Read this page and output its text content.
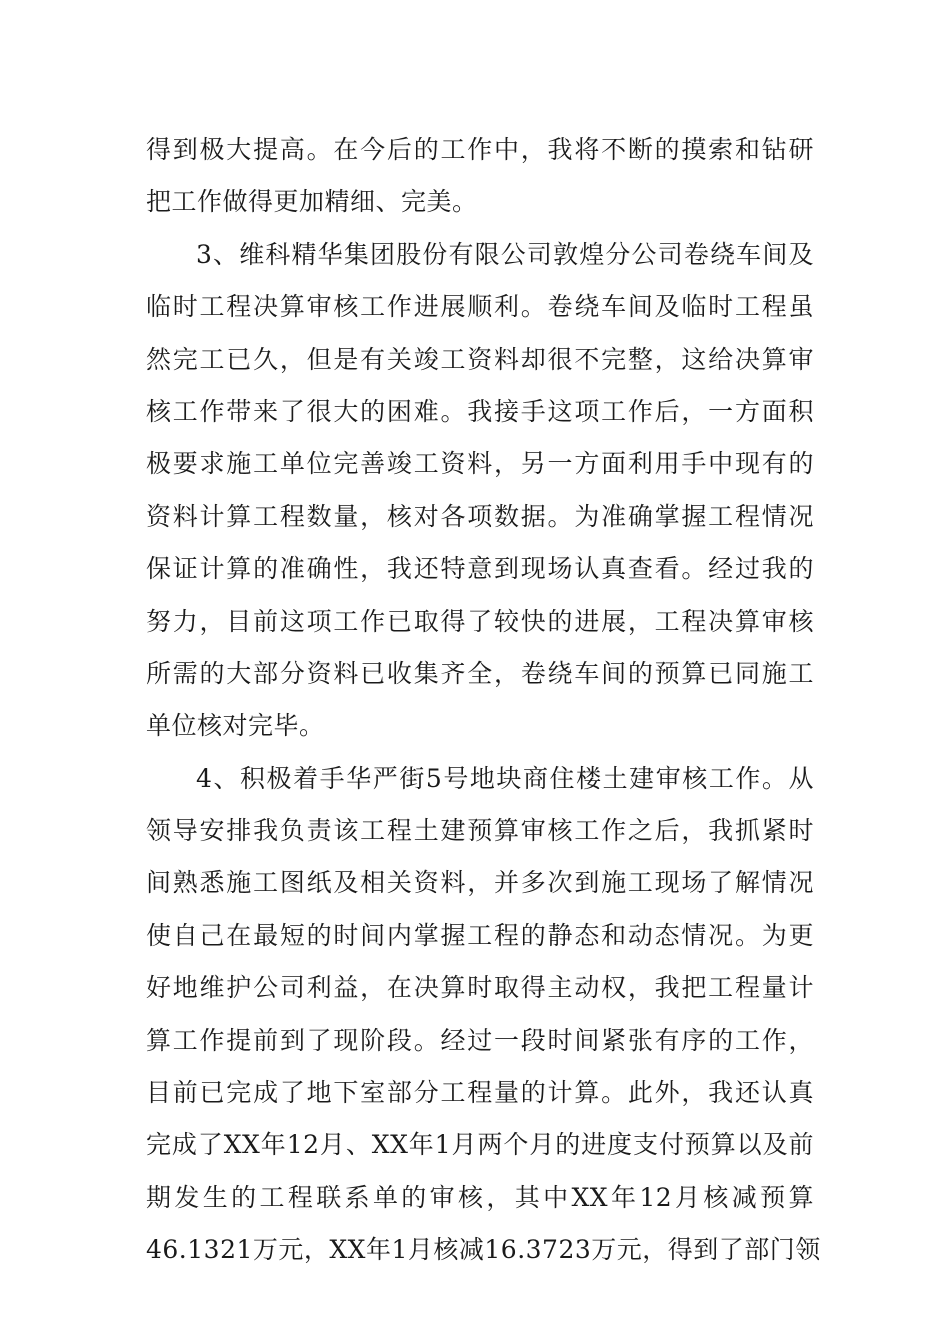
得到极大提高。在今后的工作中，我将不断的摸索和钻研
把工作做得更加精细、完美。
3、维科精华集团股份有限公司敦煌分公司卷绕车间及
临时工程决算审核工作进展顺利。卷绕车间及临时工程虽
然完工已久，但是有关竣工资料却很不完整，这给决算审
核工作带来了很大的困难。我接手这项工作后，一方面积
极要求施工单位完善竣工资料，另一方面利用手中现有的
资料计算工程数量，核对各项数据。为准确掌握工程情况
保证计算的准确性，我还特意到现场认真查看。经过我的
努力，目前这项工作已取得了较快的进展，工程决算审核
所需的大部分资料已收集齐全，卷绕车间的预算已同施工
单位核对完毕。
4、积极着手华严街5号地块商住楼土建审核工作。从
领导安排我负责该工程土建预算审核工作之后，我抓紧时
间熟悉施工图纸及相关资料，并多次到施工现场了解情况
使自己在最短的时间内掌握工程的静态和动态情况。为更
好地维护公司利益，在决算时取得主动权，我把工程量计
算工作提前到了现阶段。经过一段时间紧张有序的工作，
目前已完成了地下室部分工程量的计算。此外，我还认真
完成了XX年12月、XX年1月两个月的进度支付预算以及前
期发生的工程联系单的审核，其中XX年12月核减预算
46.1321万元，XX年1月核减16.3723万元，得到了部门领
